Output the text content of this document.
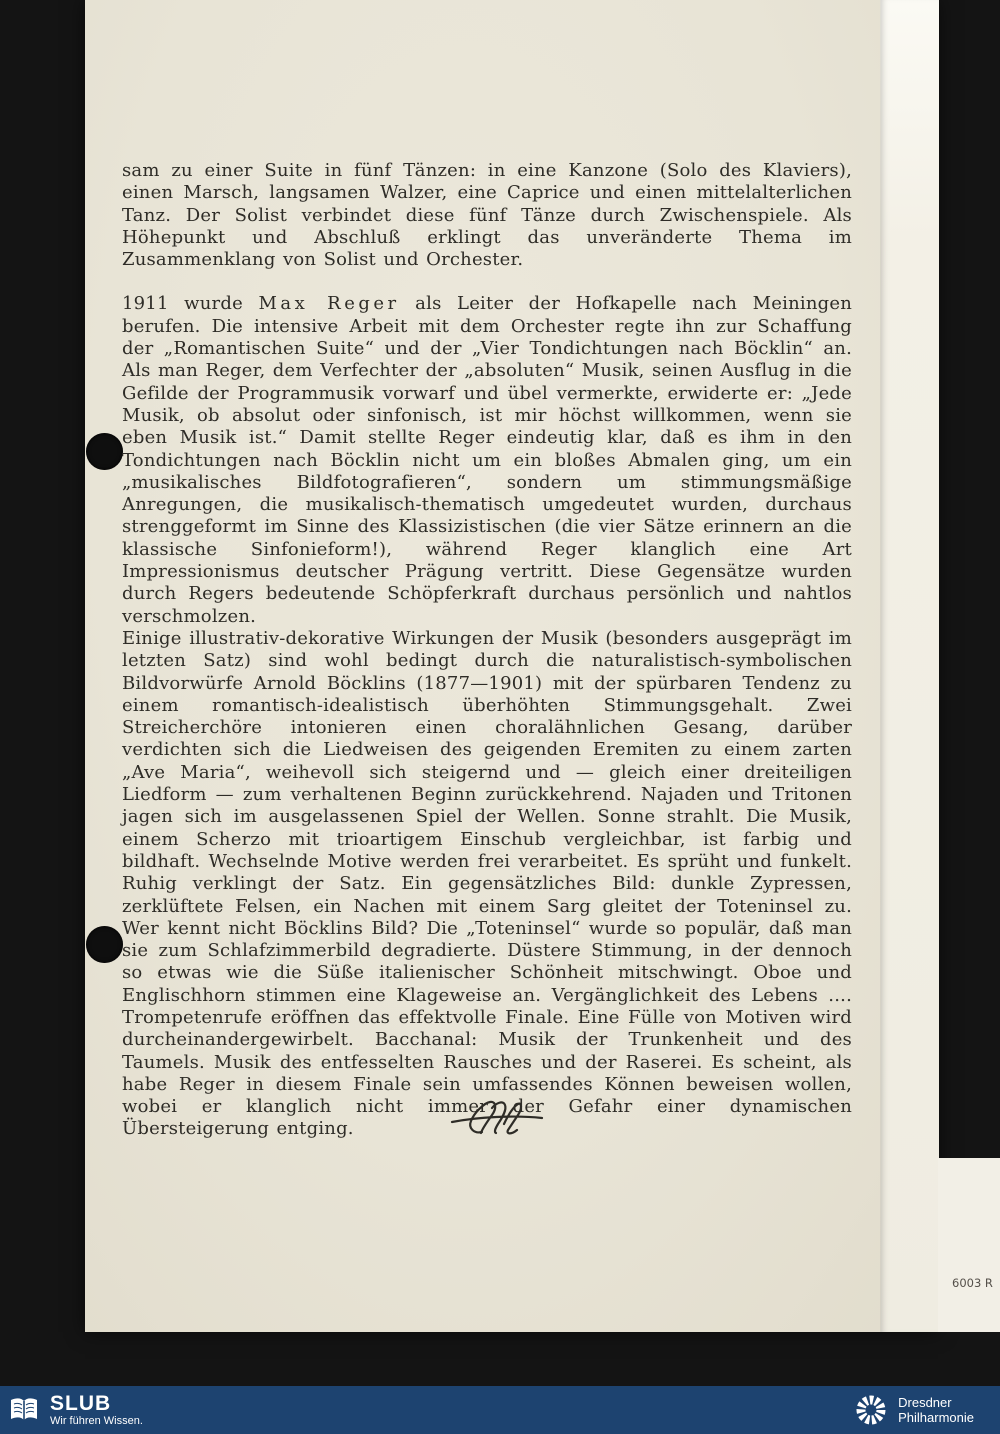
sam zu einer Suite in fünf Tänzen: in eine Kanzone (Solo des Klaviers), einen Marsch, langsamen Walzer, eine Caprice und einen mittelalterlichen Tanz. Der Solist verbindet diese fünf Tänze durch Zwischenspiele. Als Höhepunkt und Abschluß erklingt das unveränderte Thema im Zusammenklang von Solist und Orchester.

1911 wurde Max Reger als Leiter der Hofkapelle nach Meiningen berufen. Die intensive Arbeit mit dem Orchester regte ihn zur Schaffung der „Romantischen Suite“ und der „Vier Tondichtungen nach Böcklin“ an. Als man Reger, dem Verfechter der „absoluten“ Musik, seinen Ausflug in die Gefilde der Programmusik vorwarf und übel vermerkte, erwiderte er: „Jede Musik, ob absolut oder sinfonisch, ist mir höchst willkommen, wenn sie eben Musik ist.“ Damit stellte Reger eindeutig klar, daß es ihm in den Tondichtungen nach Böcklin nicht um ein bloßes Abmalen ging, um ein „musikalisches Bildfotografieren“, sondern um stimmungsmäßige Anregungen, die musikalisch-thematisch umgedeutet wurden, durchaus strenggeformt im Sinne des Klassizistischen (die vier Sätze erinnern an die klassische Sinfonieform!), während Reger klanglich eine Art Impressionismus deutscher Prägung vertritt. Diese Gegensätze wurden durch Regers bedeutende Schöpferkraft durchaus persönlich und nahtlos verschmolzen.

Einige illustrativ-dekorative Wirkungen der Musik (besonders ausgeprägt im letzten Satz) sind wohl bedingt durch die naturalistisch-symbolischen Bildvorwürfe Arnold Böcklins (1877—1901) mit der spürbaren Tendenz zu einem romantisch-idealistisch überhöhten Stimmungsgehalt. Zwei Streicherchöre intonieren einen choralähnlichen Gesang, darüber verdichten sich die Liedweisen des geigenden Eremiten zu einem zarten „Ave Maria“, weihevoll sich steigernd und — gleich einer dreiteiligen Liedform — zum verhaltenen Beginn zurückkehrend. Najaden und Tritonen jagen sich im ausgelassenen Spiel der Wellen. Sonne strahlt. Die Musik, einem Scherzo mit trioartigem Einschub vergleichbar, ist farbig und bildhaft. Wechselnde Motive werden frei verarbeitet. Es sprüht und funkelt. Ruhig verklingt der Satz. Ein gegensätzliches Bild: dunkle Zypressen, zerklüftete Felsen, ein Nachen mit einem Sarg gleitet der Toteninsel zu. Wer kennt nicht Böcklins Bild? Die „Toteninsel“ wurde so populär, daß man sie zum Schlafzimmerbild degradierte. Düstere Stimmung, in der dennoch so etwas wie die Süße italienischer Schönheit mitschwingt. Oboe und Englischhorn stimmen eine Klageweise an. Vergänglichkeit des Lebens .... Trompetenrufe eröffnen das effektvolle Finale. Eine Fülle von Motiven wird durcheinandergewirbelt. Bacchanal: Musik der Trunkenheit und des Taumels. Musik des entfesselten Rausches und der Raserei. Es scheint, als habe Reger in diesem Finale sein umfassendes Können beweisen wollen, wobei er klanglich nicht immer der Gefahr einer dynamischen Übersteigerung entging.

6003 R
SLUB
Wir führen Wissen.
Dresdner
Philharmonie
